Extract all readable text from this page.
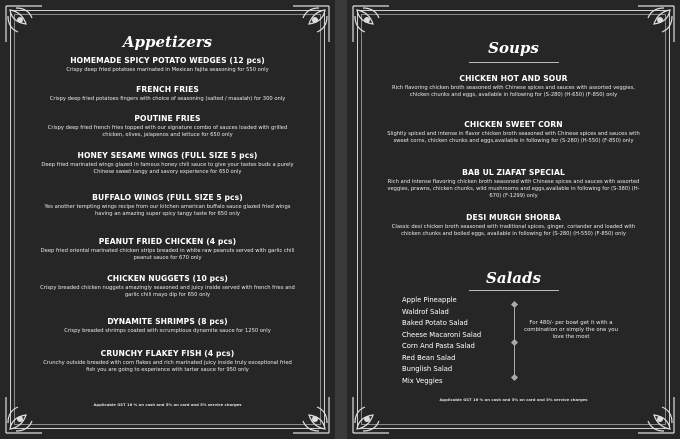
Appetizers
HOMEMADE SPICY POTATO WEDGES (12 pcs)
Crispy deep fried potatoes marinated in Mexican fajita seasoning for 550 only
FRENCH FRIES
Crispy deep fried potatoes fingers with choice of seasoning (salted / masalah) for 300 only
POUTINE FRIES
Crispy deep fried french fries topped with our signature combo of sauces loaded with grilled chicken, olives, jalapenos and lettuce for 650 only
HONEY SESAME WINGS (FULL SIZE 5 pcs)
Deep fried marinated wings glazed in famous honey chili sauce to give your tastes buds a purely Chinese sweet tangy and savory experience for 650 only
BUFFALO WINGS (FULL SIZE 5 pcs)
Yes another tempting wings recipe from our kitchen american buffalo sauce glazed fried wings having an amazing super spicy tangy taste for 650 only
PEANUT FRIED CHICKEN (4 pcs)
Deep fried oriental marinated chicken strips breaded in white raw peanuts served with garlic chili peanut sauce for 670 only
CHICKEN NUGGETS (10 pcs)
Crispy breaded chicken nuggets amazingly seasoned and juicy inside served with french fries and garlic chili mayo dip for 650 only
DYNAMITE SHRIMPS (8 pcs)
Crispy breaded shrimps coated with scrumptious dynamite sauce for 1250 only
CRUNCHY FLAKEY FISH (4 pcs)
Crunchy outside breaded with corn flakes and rich marinated juicy inside truly exceptional fried fish you are going to experience with tartar sauce for 950 only
Applicable GST 16 % on cash and 5% on card and 5% service charges
Soups
CHICKEN HOT AND SOUR
Rich flavoring chicken broth seasoned with Chinese spices and sauces with assorted veggies, chicken chunks and eggs, available in following for (S-280) (H-650) (F-850) only
CHICKEN SWEET CORN
Slightly spiced and intense in flavor chicken broth seasoned with Chinese spices and sauces with sweet corns, chicken chunks and eggs,available in following for (S-280) (H-550) (F-850) only
BAB UL ZIAFAT SPECIAL
Rich and intense flavoring chicken broth seasoned with Chinese spices and sauces with assorted veggies, prawns, chicken chunks, wild mushrooms and eggs,available in following for (S-380) (H-670) (F-1299) only
DESI MURGH SHORBA
Classic desi chicken broth seasoned with traditional spices, ginger, coriander and loaded with chicken chunks and boiled eggs, available in following for (S-280) (H-550) (F-850) only
Salads
Apple Pineapple
Waldrof Salad
Baked Potato Salad
Cheese Macaroni Salad
Corn And Pasta Salad
Red Bean Salad
Bunglish Salad
Mix Veggies
For 480/- per bowl get it with a combination or simply the one you love the most
Applicable GST 16 % on cash and 5% on card and 5% service charges
